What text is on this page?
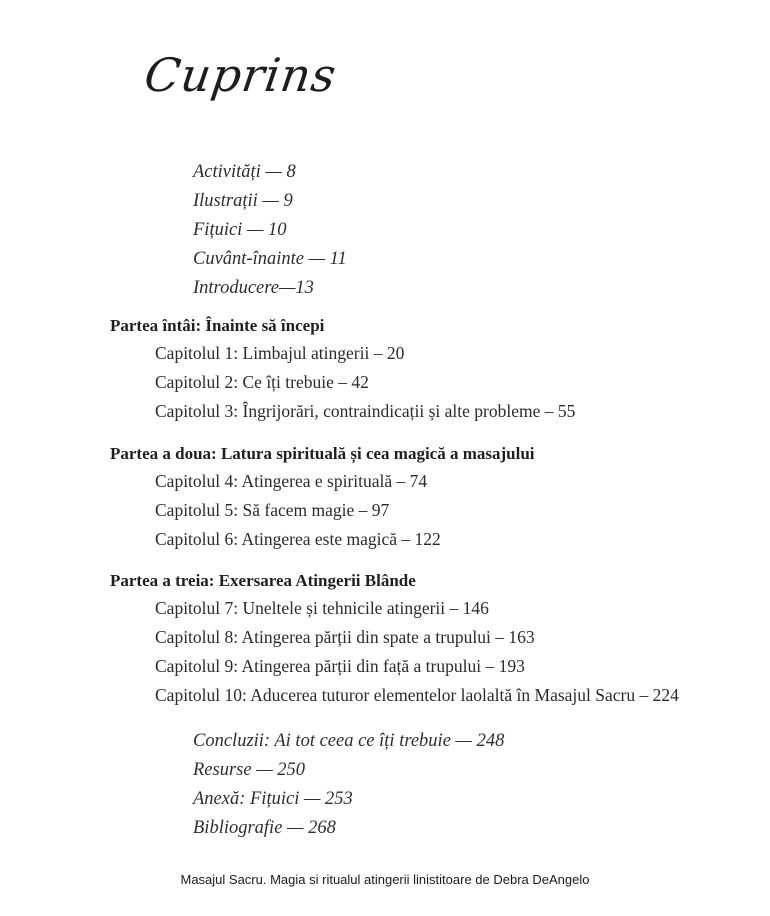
Cuprins
Activități — 8
Ilustrații — 9
Fițuici — 10
Cuvânt-înainte — 11
Introducere—13
Partea întâi: Înainte să începi
Capitolul 1: Limbajul atingerii – 20
Capitolul 2: Ce îți trebuie – 42
Capitolul 3: Îngrijorări, contraindicații și alte probleme – 55
Partea a doua: Latura spirituală și cea magică a masajului
Capitolul 4: Atingerea e spirituală – 74
Capitolul 5: Să facem magie – 97
Capitolul 6: Atingerea este magică – 122
Partea a treia: Exersarea Atingerii Blânde
Capitolul 7: Uneltele și tehnicile atingerii – 146
Capitolul 8: Atingerea părții din spate a trupului – 163
Capitolul 9: Atingerea părții din față a trupului – 193
Capitolul 10: Aducerea tuturor elementelor laolaltă în Masajul Sacru – 224
Concluzii: Ai tot ceea ce îți trebuie — 248
Resurse — 250
Anexă: Fițuici — 253
Bibliografie — 268
Masajul Sacru. Magia si ritualul atingerii linistitoare de Debra DeAngelo
